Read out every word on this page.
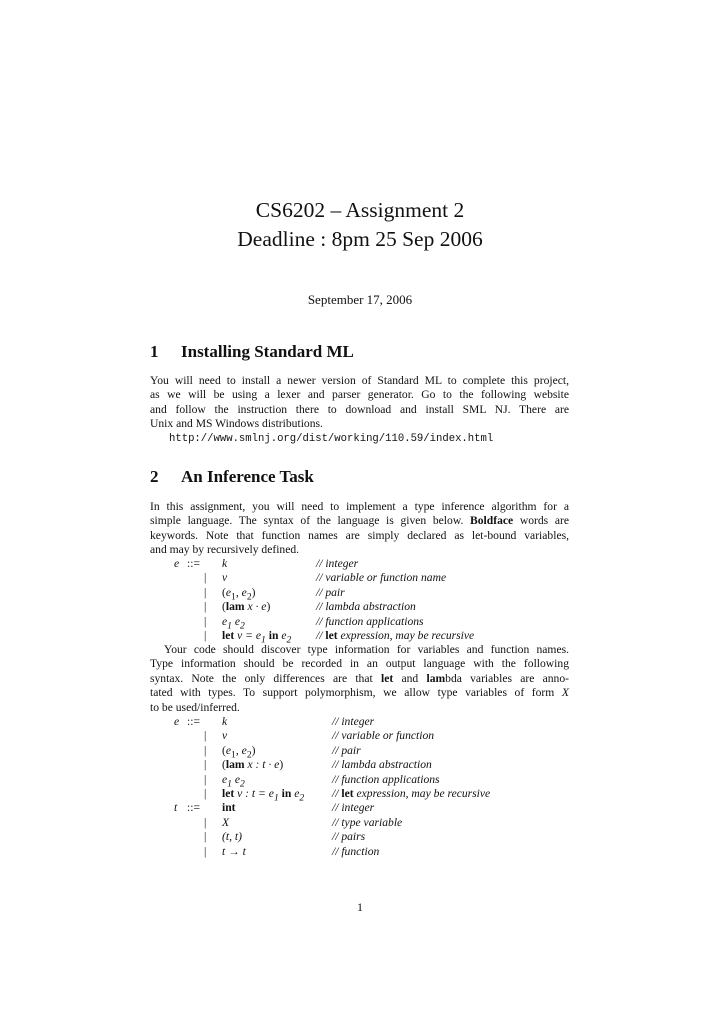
CS6202 – Assignment 2
Deadline : 8pm 25 Sep 2006
September 17, 2006
1 Installing Standard ML
You will need to install a newer version of Standard ML to complete this project,
as we will be using a lexer and parser generator. Go to the following website
and follow the instruction there to download and install SML NJ. There are
Unix and MS Windows distributions.
http://www.smlnj.org/dist/working/110.59/index.html
2 An Inference Task
In this assignment, you will need to implement a type inference algorithm for a
simple language. The syntax of the language is given below. Boldface words are
keywords. Note that function names are simply declared as let-bound variables,
and may by recursively defined.
e ::= k	// integer
| v	// variable or function name
| ($e_1$, $e_2$)	// pair
| (lam x · e)	// lambda abstraction
| $e_1$ $e_2$	// function applications
| let $v = e_1$ in $e_2$ // let expression, may be recursive
Your code should discover type information for variables and function names.
Type information should be recorded in an output language with the following
syntax. Note the only differences are that let and lambda variables are anno-
tated with types. To support polymorphism, we allow type variables of form X
to be used/inferred.
e ::= k	// integer
| v	// variable or function
| ($e_1$, $e_2$)	// pair
| (lam x : t · e)	// lambda abstraction
| $e_1$ $e_2$	// function applications
| let v : $t = e_1$ in $e_2$ // let expression, may be recursive
t ::= int	// integer
| X	// type variable
| (t, t)	// pairs
| t → t	// function
1
